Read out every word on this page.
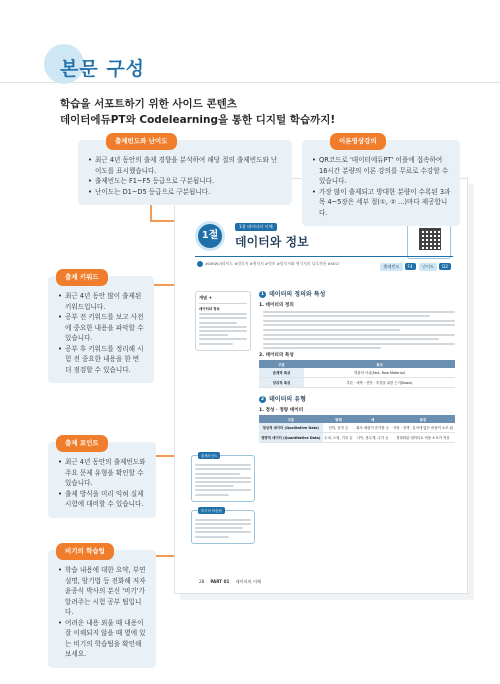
본문 구성
학습을 서포트하기 위한 사이드 콘텐츠
데이터에듀PT와 Codelearning을 통한 디지털 학습까지!
1절
1절 데이터의 이해
데이터와 정보
#DIKW피라미드 #암묵지 #형식지 #정보 #암묵지와 형식지의 상호작용 #SECI
출제빈도 F4 난이도 D2
개념 +
데이터와 정보
1 데이터의 정의와 특성
1. 데이터의 정의
2. 데이터의 특성
구분	특성
존재적 특성	객관적 사실(Fact, Raw Material)
당위적 특성	추론 · 예측 · 전망 · 추정을 위한 근거(Basis)
2 데이터의 유형
1. 정성 · 정량 데이터
구분	형태	예	특징
정성적 데이터 (Qualitative Data)	언어, 문자 등	회사 매출이 증가함 등	저장 · 검색 · 분석에 많은 비용이 소모 됨
정량적 데이터 (Quantitative Data)	수치, 도형, 기호 등	나이, 몸무게, 주가 등	정형화된 데이터로 비용 소모가 적음
출제포인트
비기의 학습팁
28 PART 01 데이터의 이해
출제빈도와 난이도
• 최근 4년 동안의 출제 경향을 분석하여 해당 절의 출제빈도와 난이도를 표시했습니다.
• 출제빈도는 F1~F5 등급으로 구분됩니다.
• 난이도는 D1~D5 등급으로 구분됩니다.
이론영상강의
• QR코드로 '데이터에듀PT' 어플에 접속하여 16시간 분량의 이론 강의를 무료로 수강할 수 있습니다.
• 가장 많이 출제되고 방대한 분량이 수록된 3과목 4~5장은 세부 절(①, ② ...)마다 제공합니다.
출제 키워드
• 최근 4년 동안 많이 출제된 키워드입니다.
• 공부 전 키워드를 보고 사전에 중요한 내용을 파악할 수 있습니다.
• 공부 후 키워드를 정리해 시험 전 중요한 내용을 한 번 더 점검할 수 있습니다.
출제 포인트
• 최근 4년 동안의 출제빈도와 주요 문제 유형을 확인할 수 있습니다.
• 출제 방식을 미리 익혀 실제 시험에 대비할 수 있습니다.
비기의 학습팁
• 학습 내용에 대한 요약, 부연 설명, 암기법 등 전화해 저자 윤종식 박사의 분신 '비기'가 알려주는 시험 공부 팁입니다.
• 어려운 내용 외울 때 내용이 잘 이해되지 않을 때 옆에 있는 비기의 학습팁을 확인해보세요.
